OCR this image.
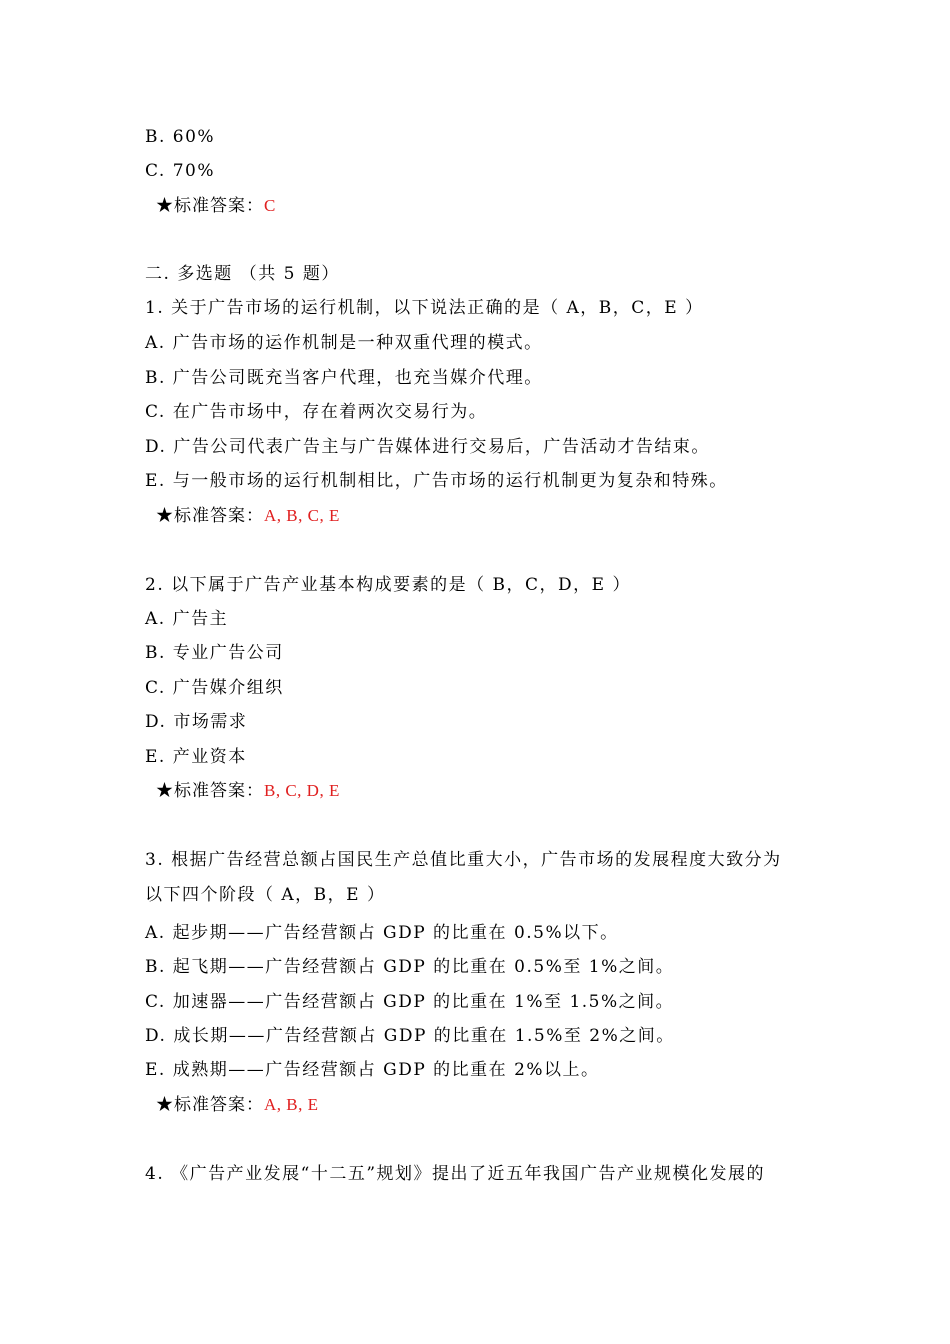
B. 60%
C. 70%
★标准答案：C
二. 多选题 （共 5 题）
1. 关于广告市场的运行机制，以下说法正确的是（ A，B，C，E ）
A. 广告市场的运作机制是一种双重代理的模式。
B. 广告公司既充当客户代理，也充当媒介代理。
C. 在广告市场中，存在着两次交易行为。
D. 广告公司代表广告主与广告媒体进行交易后，广告活动才告结束。
E. 与一般市场的运行机制相比，广告市场的运行机制更为复杂和特殊。
★标准答案：A, B, C, E
2. 以下属于广告产业基本构成要素的是（ B，C，D，E ）
A. 广告主
B. 专业广告公司
C. 广告媒介组织
D. 市场需求
E. 产业资本
★标准答案：B, C, D, E
3. 根据广告经营总额占国民生产总值比重大小，广告市场的发展程度大致分为
以下四个阶段（ A，B，E ）
A. 起步期——广告经营额占 GDP 的比重在 0.5%以下。
B. 起飞期——广告经营额占 GDP 的比重在 0.5%至 1%之间。
C. 加速器——广告经营额占 GDP 的比重在 1%至 1.5%之间。
D. 成长期——广告经营额占 GDP 的比重在 1.5%至 2%之间。
E. 成熟期——广告经营额占 GDP 的比重在 2%以上。
★标准答案：A, B, E
4. 《广告产业发展“十二五”规划》提出了近五年我国广告产业规模化发展的
